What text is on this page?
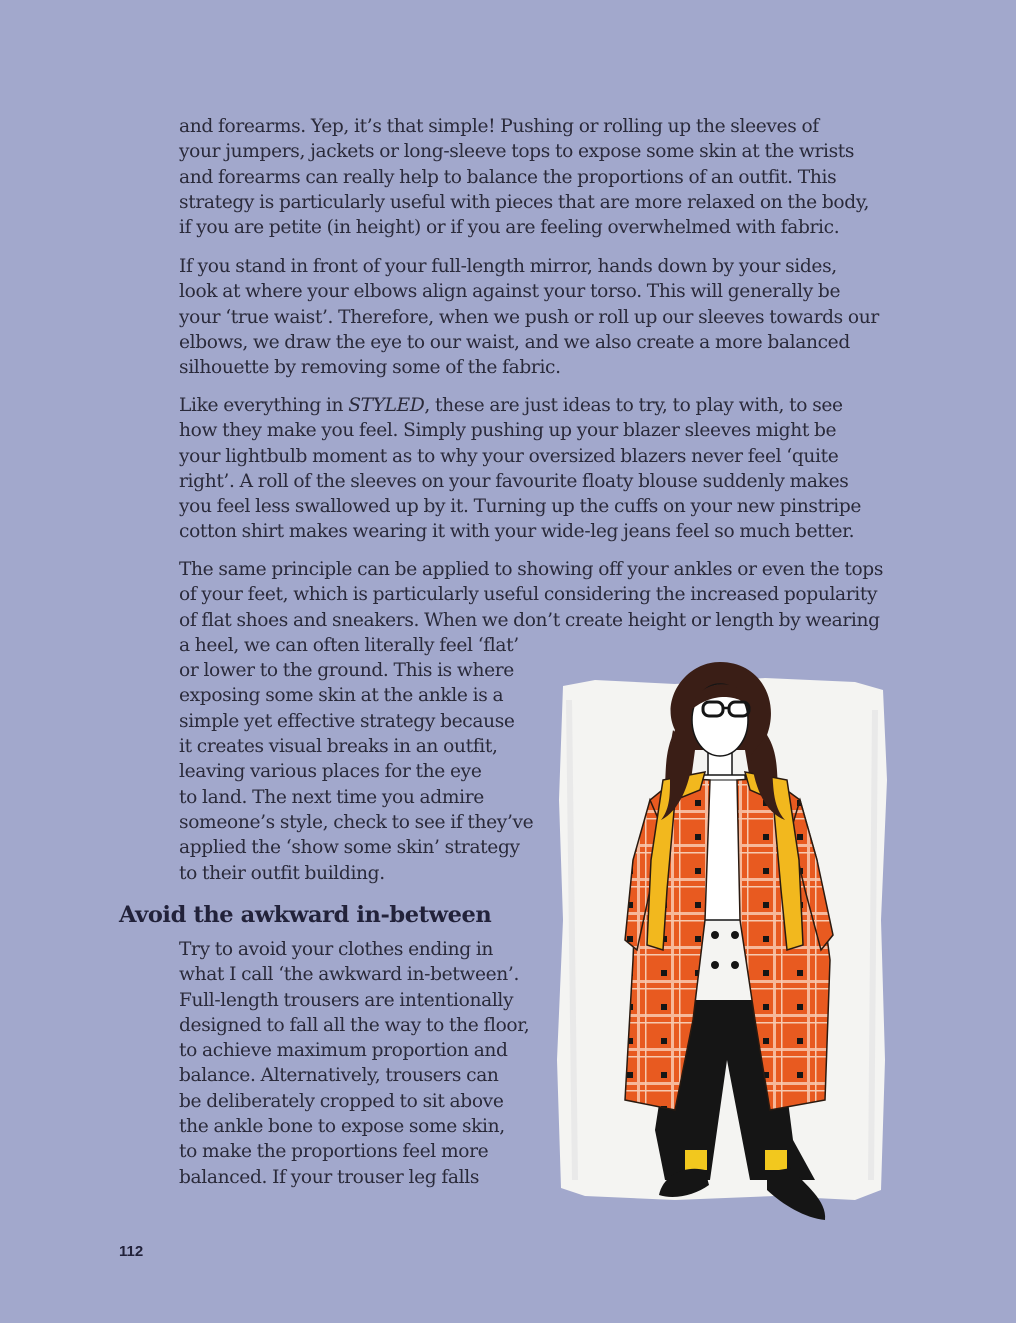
and forearms. Yep, it’s that simple! Pushing or rolling up the sleeves of
your jumpers, jackets or long-sleeve tops to expose some skin at the wrists
and forearms can really help to balance the proportions of an outfit. This
strategy is particularly useful with pieces that are more relaxed on the body,
if you are petite (in height) or if you are feeling overwhelmed with fabric.
If you stand in front of your full-length mirror, hands down by your sides,
look at where your elbows align against your torso. This will generally be
your ‘true waist’. Therefore, when we push or roll up our sleeves towards our
elbows, we draw the eye to our waist, and we also create a more balanced
silhouette by removing some of the fabric.
Like everything in STYLED, these are just ideas to try, to play with, to see
how they make you feel. Simply pushing up your blazer sleeves might be
your lightbulb moment as to why your oversized blazers never feel ‘quite
right’. A roll of the sleeves on your favourite floaty blouse suddenly makes
you feel less swallowed up by it. Turning up the cuffs on your new pinstripe
cotton shirt makes wearing it with your wide-leg jeans feel so much better.
The same principle can be applied to showing off your ankles or even the tops
of your feet, which is particularly useful considering the increased popularity
of flat shoes and sneakers. When we don’t create height or length by wearing
a heel, we can often literally feel ‘flat’
or lower to the ground. This is where
exposing some skin at the ankle is a
simple yet effective strategy because
it creates visual breaks in an outfit,
leaving various places for the eye
to land. The next time you admire
someone’s style, check to see if they’ve
applied the ‘show some skin’ strategy
to their outfit building.
Avoid the awkward in-between
Try to avoid your clothes ending in
what I call ‘the awkward in-between’.
Full-length trousers are intentionally
designed to fall all the way to the floor,
to achieve maximum proportion and
balance. Alternatively, trousers can
be deliberately cropped to sit above
the ankle bone to expose some skin,
to make the proportions feel more
balanced. If your trouser leg falls
112
